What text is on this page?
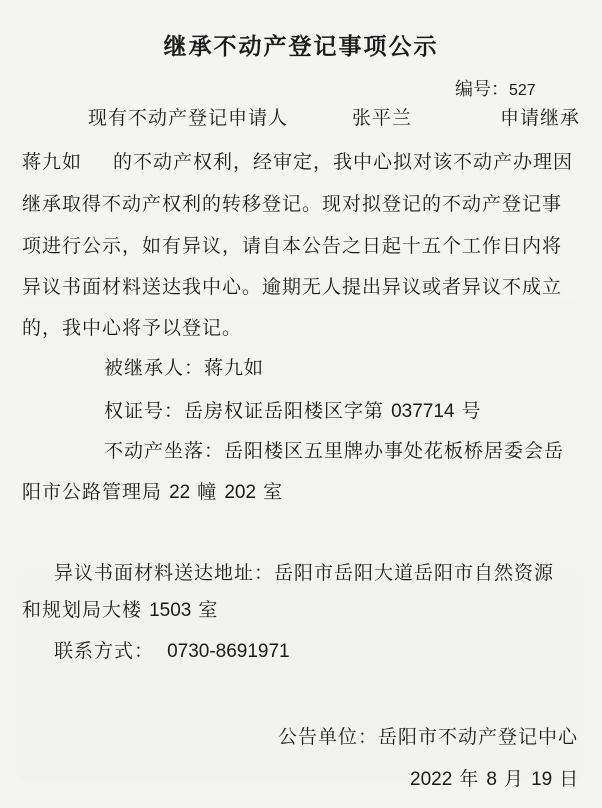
继承不动产登记事项公示
编号：527
现有不动产登记申请人	张平兰	申请继承
蒋九如 的不动产权利，经审定，我中心拟对该不动产办理因
继承取得不动产权利的转移登记。现对拟登记的不动产登记事
项进行公示，如有异议，请自本公告之日起十五个工作日内将
异议书面材料送达我中心。逾期无人提出异议或者异议不成立
的，我中心将予以登记。
被继承人：蒋九如
权证号：岳房权证岳阳楼区字第 037714 号
不动产坐落：岳阳楼区五里牌办事处花板桥居委会岳
阳市公路管理局 22 幢 202 室
异议书面材料送达地址：岳阳市岳阳大道岳阳市自然资源
和规划局大楼 1503 室
联系方式： 0730-8691971
公告单位：岳阳市不动产登记中心
2022 年 8 月 19 日
